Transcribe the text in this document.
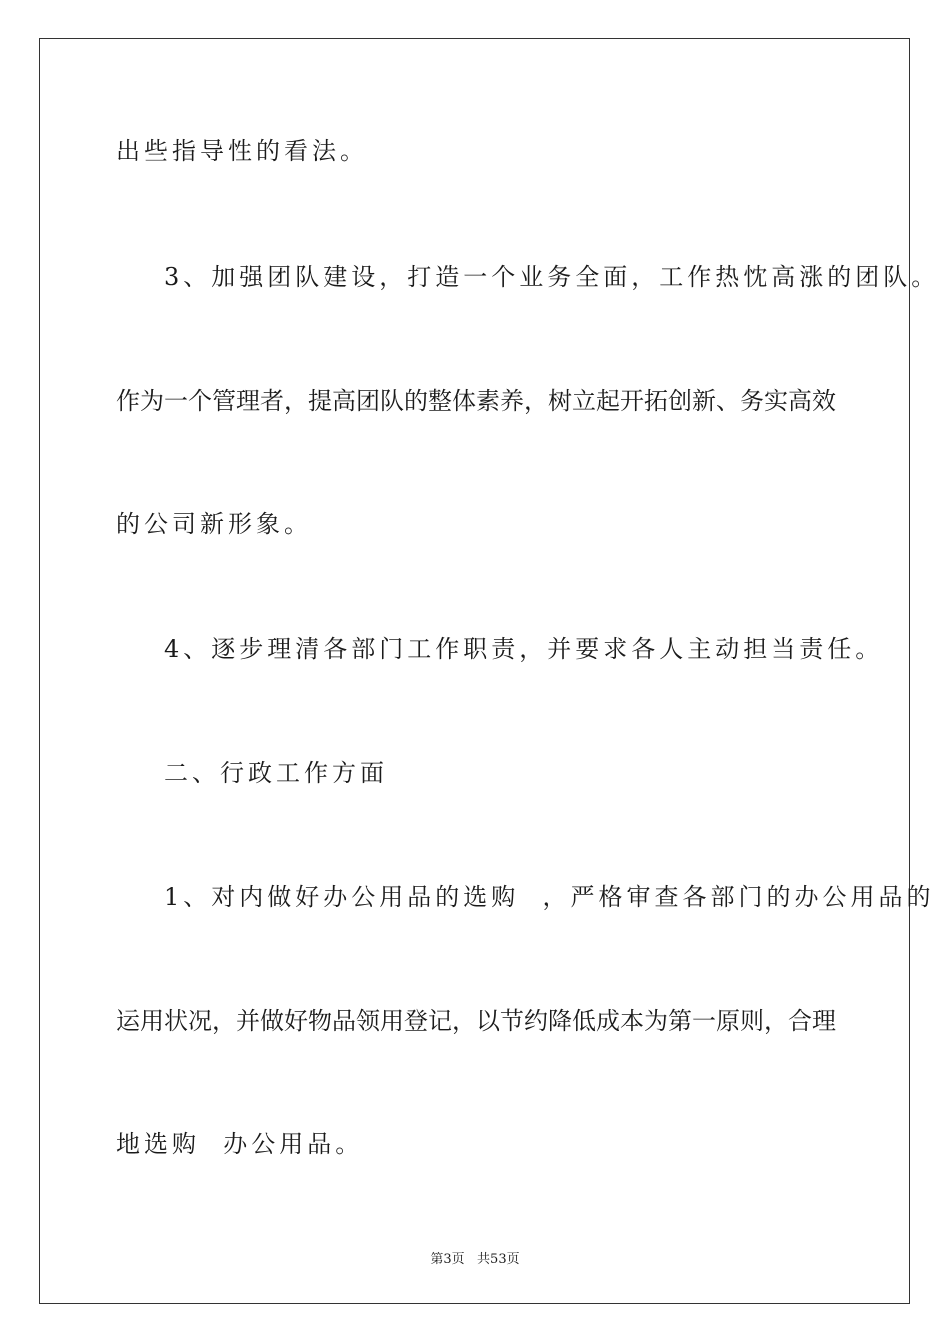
出些指导性的看法。
3、加强团队建设，打造一个业务全面，工作热忱高涨的团队。
作为一个管理者，提高团队的整体素养，树立起开拓创新、务实高效
的公司新形象。
4、逐步理清各部门工作职责，并要求各人主动担当责任。
二、行政工作方面
1、对内做好办公用品的选购  ，严格审查各部门的办公用品的
运用状况，并做好物品领用登记，以节约降低成本为第一原则，合理
地选购  办公用品。
第3页   共53页
